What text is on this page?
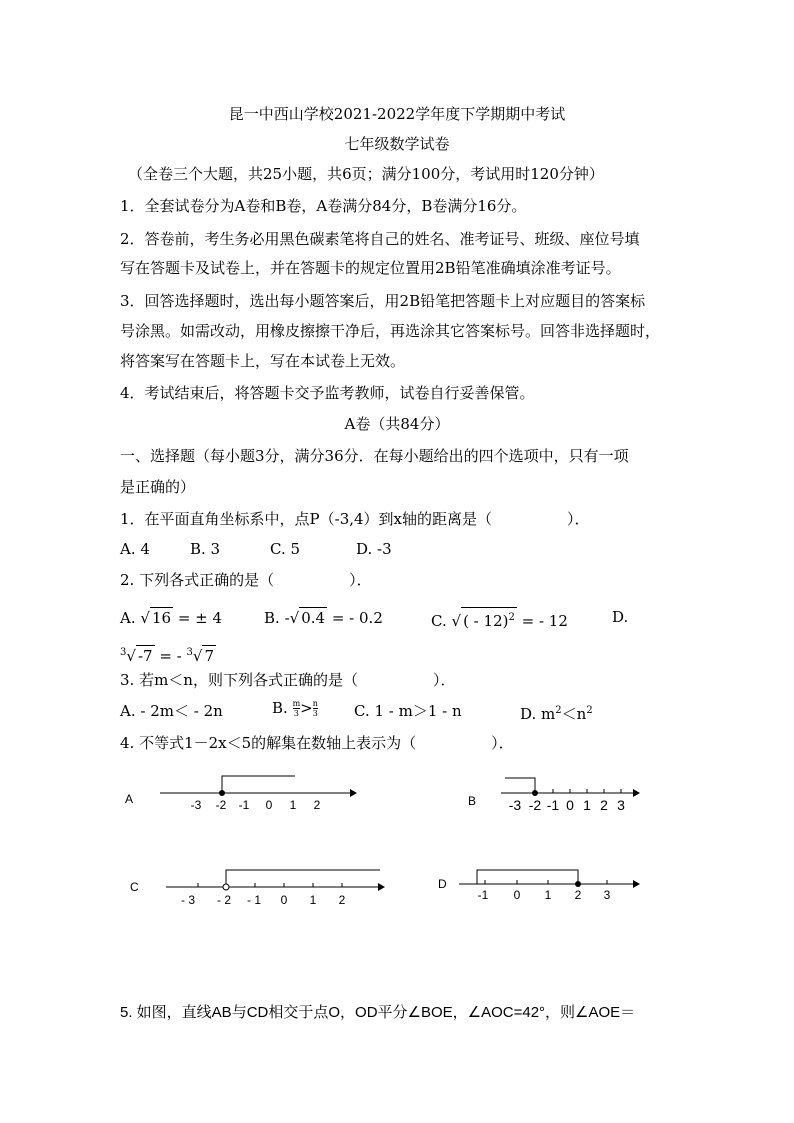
昆一中西山学校2021-2022学年度下学期期中考试
七年级数学试卷
（全卷三个大题，共25小题，共6页；满分100分，考试用时120分钟）
1．全套试卷分为A卷和B卷，A卷满分84分，B卷满分16分。
2．答卷前，考生务必用黑色碳素笔将自己的姓名、准考证号、班级、座位号填
写在答题卡及试卷上，并在答题卡的规定位置用2B铅笔准确填涂准考证号。
3．回答选择题时，选出每小题答案后，用2B铅笔把答题卡上对应题目的答案标
号涂黑。如需改动，用橡皮擦擦干净后，再选涂其它答案标号。回答非选择题时，
将答案写在答题卡上，写在本试卷上无效。
4．考试结束后，将答题卡交予监考教师，试卷自行妥善保管。
A卷（共84分）
一、选择题（每小题3分，满分36分．在每小题给出的四个选项中，只有一项
是正确的）
1．在平面直角坐标系中，点P（-3,4）到x轴的距离是（　　　　　）．
A. 4	B. 3	C. 5	D. -3
2. 下列各式正确的是（　　　　　）．
A. √ 16 = ± 4	B. -√ 0.4 = - 0.2	C. √ ( - 12)$^2$ = - 12	D.
$^3$√ -7 = - $^3$√ 7
3. 若m＜n，则下列各式正确的是（　　　　　）．
A. - 2m＜ - 2n	B. $\frac{m}{3} > \frac{n}{3} C$. 1 - m＞1 - n	D. $m^2<n^2$
4. 不等式1－2x＜5的解集在数轴上表示为（　　　　　）．
A	-3 -2 -1 0 1 2	B -3 -2 -1 0 1 2 3
C
- 3 - 2 - 1 0 1 2
D
-1 0 1 2 3
5. 如图，直线AB与CD相交于点O，OD平分∠BOE，∠AOC=42°，则∠AOE＝
